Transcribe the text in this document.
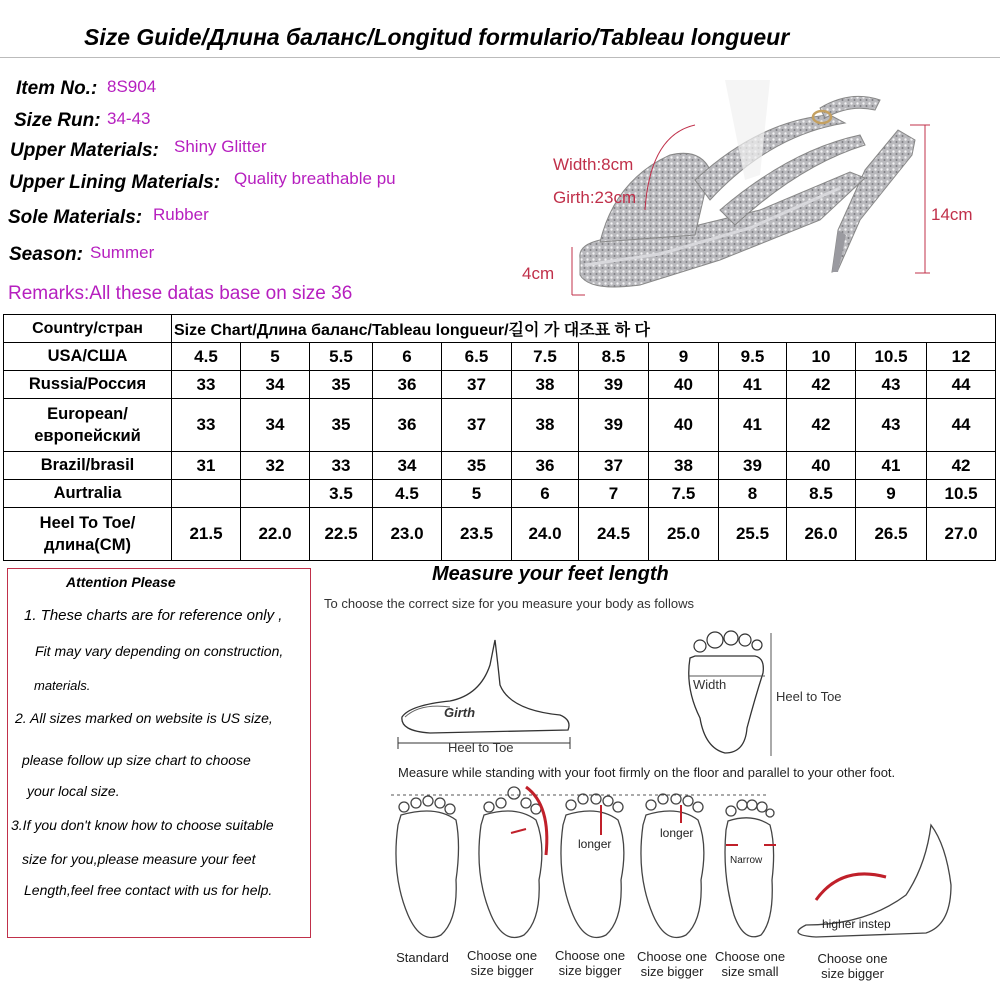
Size Guide/Длина баланс/Longitud formulario/Tableau longueur
Item No.: 8S904
Size Run: 34-43
Upper Materials: Shiny Glitter
Upper Lining Materials: Quality breathable pu
Sole Materials: Rubber
Season: Summer
Remarks:All these datas base on size 36
Width:8cm
Girth:23cm
14cm
4cm
Country/стран	Size Chart/Длина баланс/Tableau longueur/길이 가 대조표 하 다											
USA/США	4.5	5	5.5	6	6.5	7.5	8.5	9	9.5	10	10.5	12
Russia/Россия	33	34	35	36	37	38	39	40	41	42	43	44
European/европейский	33	34	35	36	37	38	39	40	41	42	43	44
Brazil/brasil	31	32	33	34	35	36	37	38	39	40	41	42
Aurtralia			3.5	4.5	5	6	7	7.5	8	8.5	9	10.5
Heel To Toe/длина(CM)	21.5	22.0	22.5	23.0	23.5	24.0	24.5	25.0	25.5	26.0	26.5	27.0
Attention Please
1. These charts are for reference only ,
Fit may vary depending on construction,
materials.
2. All sizes marked on website is US size,
please follow up size chart to choose
your local size.
3.If you don't know how to choose suitable
size for you,please measure your feet
Length,feel free contact with us for help.
Measure your feet length
To choose the correct size for you measure your body as follows
Girth
Heel to Toe
Width
Heel to Toe
Measure while standing with your foot firmly on the floor and parallel to your other foot.
longer
longer
Narrow
higher instep
Standard	Choose one size bigger
Choose one size bigger
Choose one size bigger
Choose one size small
Choose one size bigger
